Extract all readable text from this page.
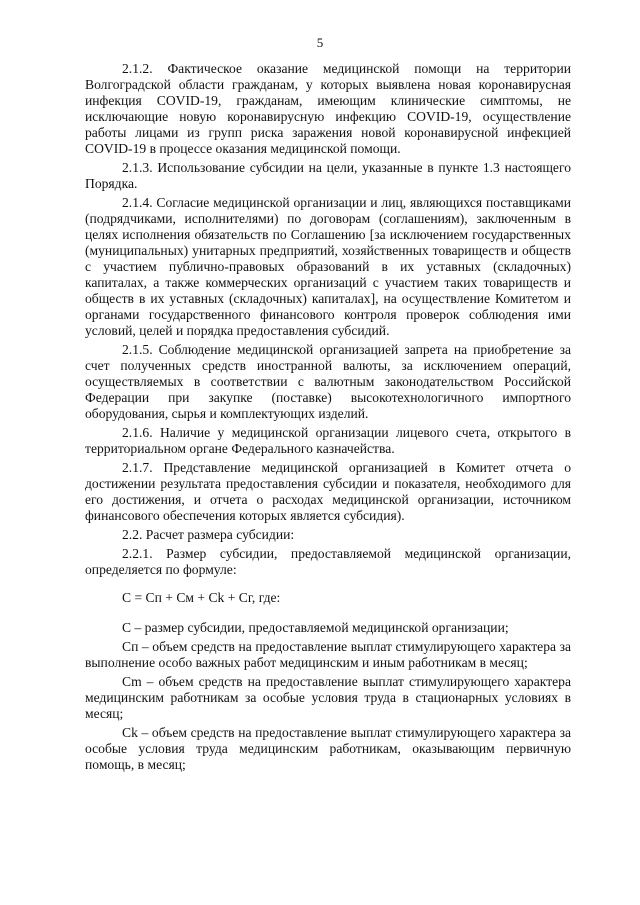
5

2.1.2. Фактическое оказание медицинской помощи на территории Волгоградской области гражданам, у которых выявлена новая коронавирусная инфекция COVID-19, гражданам, имеющим клинические симптомы, не исключающие новую коронавирусную инфекцию COVID-19, осуществление работы лицами из групп риска заражения новой коронавирусной инфекцией COVID-19 в процессе оказания медицинской помощи.

2.1.3. Использование субсидии на цели, указанные в пункте 1.3 настоящего Порядка.

2.1.4. Согласие медицинской организации и лиц, являющихся поставщиками (подрядчиками, исполнителями) по договорам (соглашениям), заключенным в целях исполнения обязательств по Соглашению [за исключением государственных (муниципальных) унитарных предприятий, хозяйственных товариществ и обществ с участием публично-правовых образований в их уставных (складочных) капиталах, а также коммерческих организаций с участием таких товариществ и обществ в их уставных (складочных) капиталах], на осуществление Комитетом и органами государственного финансового контроля проверок соблюдения ими условий, целей и порядка предоставления субсидий.

2.1.5. Соблюдение медицинской организацией запрета на приобретение за счет полученных средств иностранной валюты, за исключением операций, осуществляемых в соответствии с валютным законодательством Российской Федерации при закупке (поставке) высокотехнологичного импортного оборудования, сырья и комплектующих изделий.

2.1.6. Наличие у медицинской организации лицевого счета, открытого в территориальном органе Федерального казначейства.

2.1.7. Представление медицинской организацией в Комитет отчета о достижении результата предоставления субсидии и показателя, необходимого для его достижения, и отчета о расходах медицинской организации, источником финансового обеспечения которых является субсидия).

2.2. Расчет размера субсидии:

2.2.1. Размер субсидии, предоставляемой медицинской организации, определяется по формуле:

C = Cп + Cм + Ck + Cг, где:

C – размер субсидии, предоставляемой медицинской организации;

Cп – объем средств на предоставление выплат стимулирующего характера за выполнение особо важных работ медицинским и иным работникам в месяц;

Cm – объем средств на предоставление выплат стимулирующего характера медицинским работникам за особые условия труда в стационарных условиях в месяц;

Ck – объем средств на предоставление выплат стимулирующего характера за особые условия труда медицинским работникам, оказывающим первичную помощь, в месяц;
